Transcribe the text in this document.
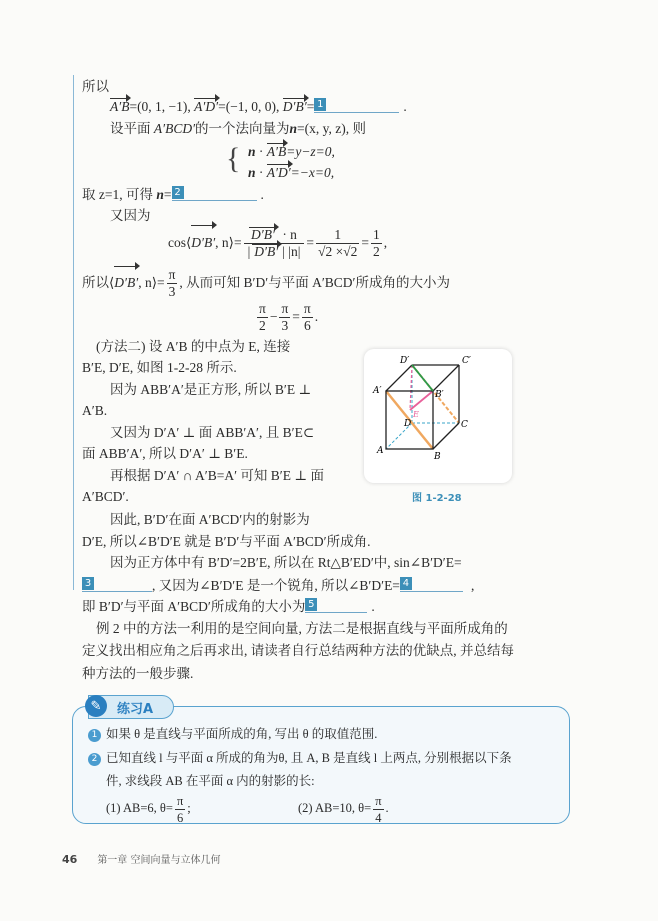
所以
A′B=(0, 1, −1), A′D′=(−1, 0, 0), D′B′= 1	.
设平面 A′BCD′的一个法向量为n=(x, y, z), 则
{ n · A′B=y−z=0,
n · A′D′=−x=0,
取 z=1, 可得 n= 2	.
又因为
cos⟨D′B′, n⟩= $\frac{D'B' \cdot n}{| D'B' | |n|} = \frac{1}{√2 \times√2} = \frac{1}{2}$ ,
所以⟨D′B′, n⟩= $\frac{\pi}{3}$ , 从而可知 B′D′与平面 A′BCD′所成角的大小为
$\frac{\pi}{2} - \frac{\pi}{3} = \frac{\pi}{6}$ .
(方法二) 设 A′B 的中点为 E, 连接
B′E, D′E, 如图 1-2-28 所示.
因为 ABB′A′是正方形, 所以 B′E ⊥
A′B.
又因为 D′A′ ⊥ 面 ABB′A′, 且 B′E⊂
面 ABB′A′, 所以 D′A′ ⊥ B′E.
再根据 D′A′ ∩ A′B=A′ 可知 B′E ⊥ 面
A′BCD′.
因此, B′D′在面 A′BCD′内的射影为
D′E, 所以∠B′D′E 就是 B′D′与平面 A′BCD′所成角.
因为正方体中有 B′D′=2B′E, 所以在 Rt△B′ED′中, sin∠B′D′E=
3	, 又因为∠B′D′E 是一个锐角, 所以∠B′D′E= 4	,
即 B′D′与平面 A′BCD′所成角的大小为 5	.
例 2 中的方法一利用的是空间向量, 方法二是根据直线与平面所成角的
定义找出相应角之后再求出, 请读者自行总结两种方法的优缺点, 并总结每
种方法的一般步骤.
D′	C′
A′	B′
D	C
A
B
E
图 1-2-28
✎	练习A
1 如果 θ 是直线与平面所成的角, 写出 θ 的取值范围.
2 已知直线 l 与平面 α 所成的角为θ, 且 A, B 是直线 l 上两点, 分别根据以下条
件, 求线段 AB 在平面 α 内的射影的长:
(1) AB=6, $\theta= \frac{\pi}{6}$ ;	(2) AB=10, $\theta= \frac{\pi}{4}$ .
46 第一章 空间向量与立体几何
